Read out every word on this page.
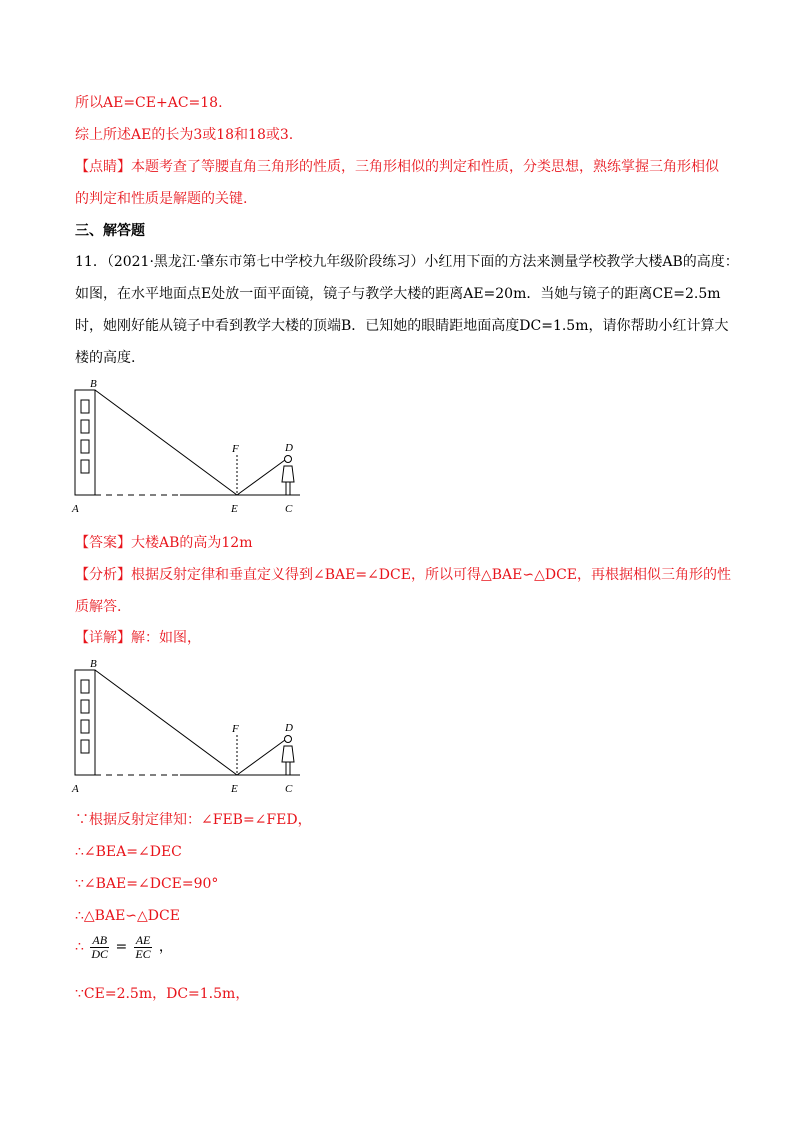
所以AE=CE+AC=18.
综上所述AE的长为3或18和18或3.
【点睛】本题考查了等腰直角三角形的性质，三角形相似的判定和性质，分类思想，熟练掌握三角形相似
的判定和性质是解题的关键.
三、解答题
11．（2021·黑龙江·肇东市第七中学校九年级阶段练习）小红用下面的方法来测量学校教学大楼AB的高度：
如图，在水平地面点E处放一面平面镜，镜子与教学大楼的距离AE=20m．当她与镜子的距离CE=2.5m
时，她刚好能从镜子中看到教学大楼的顶端B．已知她的眼睛距地面高度DC=1.5m，请你帮助小红计算大
楼的高度.
B
A	E
F	D
C
【答案】大楼AB的高为12m
【分析】根据反射定律和垂直定义得到∠BAE=∠DCE，所以可得△BAE∽△DCE，再根据相似三角形的性
质解答.
【详解】解：如图，
B
A	E
F	D
C
∵根据反射定律知：∠FEB=∠FED，
∴∠BEA=∠DEC
∵∠BAE=∠DCE=90°
∴△BAE∽△DCE
∴ $\frac{AB}{DC} = \frac{AE}{EC}$ ，
∵CE=2.5m，DC=1.5m，
